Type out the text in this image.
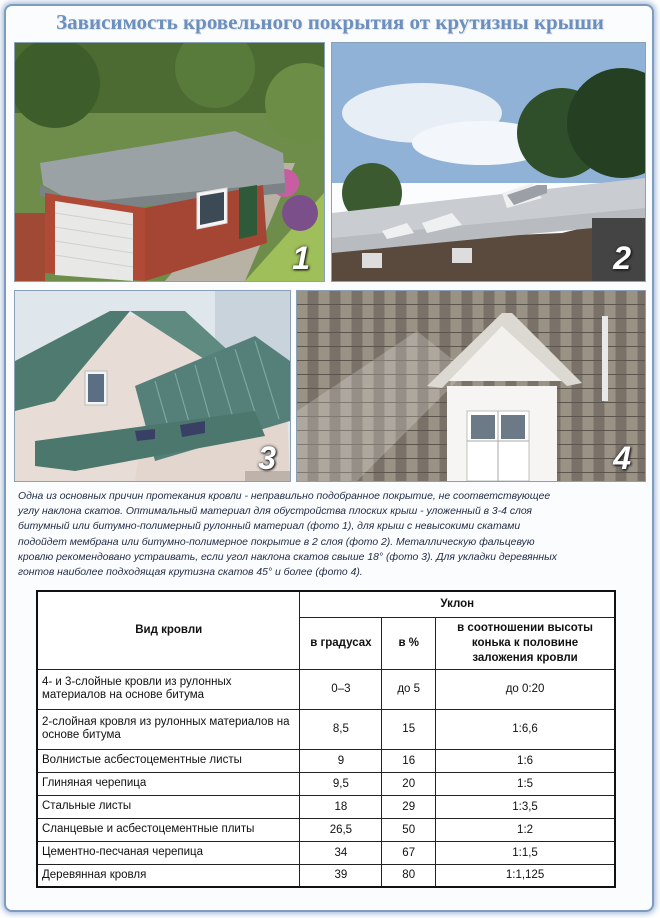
Зависимость кровельного покрытия от крутизны крыши
1	2
3	4
Одна из основных причин протекания кровли - неправильно подобранное покрытие, не соответствующее
углу наклона скатов. Оптимальный материал для обустройства плоских крыш - уложенный в 3-4 слоя
битумный или битумно-полимерный рулонный материал (фото 1), для крыш с невысокими скатами
подойдет мембрана или битумно-полимерное покрытие в 2 слоя (фото 2). Металлическую фальцевую
кровлю рекомендовано устраивать, если угол наклона скатов свыше 18° (фото 3). Для укладки деревянных
гонтов наиболее подходящая крутизна скатов 45° и более (фото 4).
Вид кровли	Уклон		
	в градусах	в %	в соотношении высоты конька к половине заложения кровли
4- и 3-слойные кровли из рулонных материалов на основе битума	0–3	до 5	до 0:20
2-слойная кровля из рулонных материалов на основе битума	8,5	15	1:6,6
Волнистые асбестоцементные листы	9	16	1:6
Глиняная черепица	9,5	20	1:5
Стальные листы	18	29	1:3,5
Сланцевые и асбестоцементные плиты	26,5	50	1:2
Цементно-песчаная черепица	34	67	1:1,5
Деревянная кровля	39	80	1:1,125
